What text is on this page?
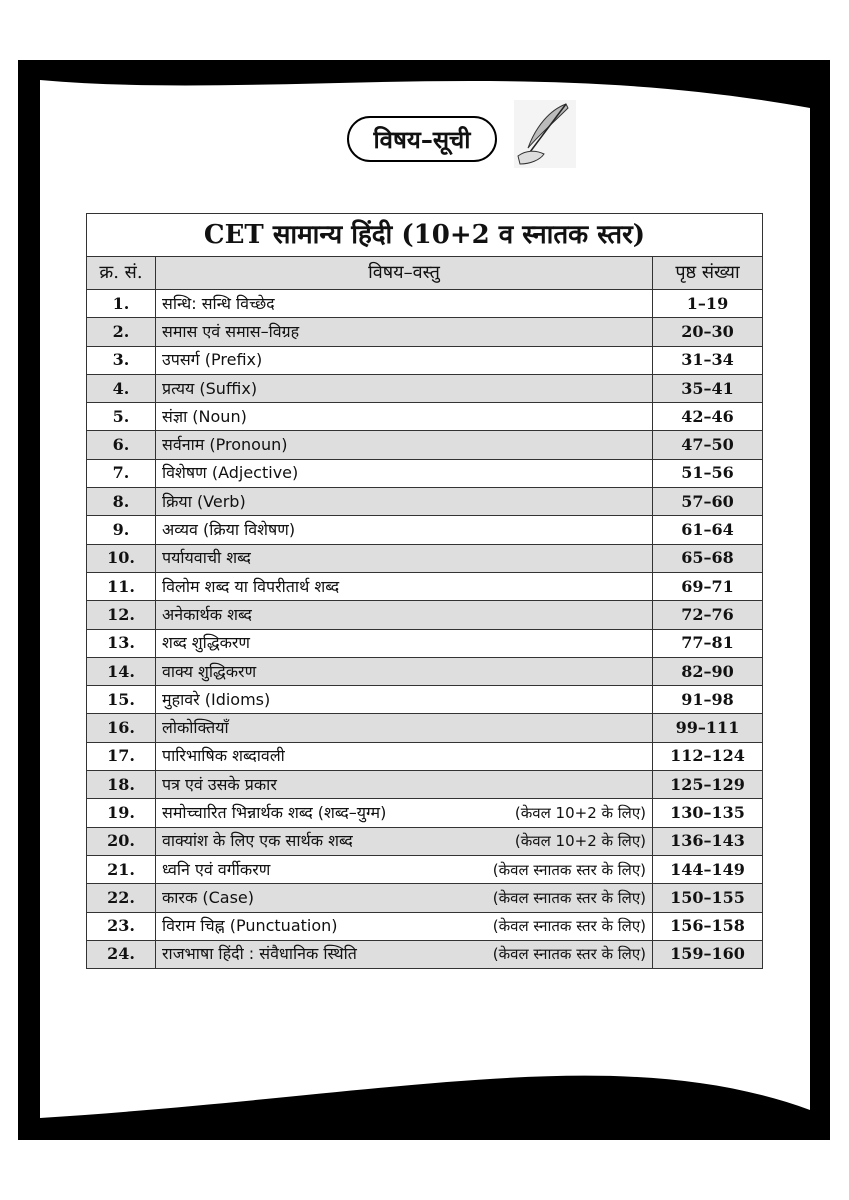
विषय–सूची
CET सामान्य हिंदी (10+2 व स्नातक स्तर)		
क्र. सं.	विषय–वस्तु	पृष्ठ संख्या
1.	सन्धि: सन्धि विच्छेद	1–19
2.	समास एवं समास–विग्रह	20–30
3.	उपसर्ग (Prefix)	31–34
4.	प्रत्यय (Suffix)	35–41
5.	संज्ञा (Noun)	42–46
6.	सर्वनाम (Pronoun)	47–50
7.	विशेषण (Adjective)	51–56
8.	क्रिया (Verb)	57–60
9.	अव्यव (क्रिया विशेषण)	61–64
10.	पर्यायवाची शब्द	65–68
11.	विलोम शब्द या विपरीतार्थ शब्द	69–71
12.	अनेकार्थक शब्द	72–76
13.	शब्द शुद्धिकरण	77–81
14.	वाक्य शुद्धिकरण	82–90
15.	मुहावरे (Idioms)	91–98
16.	लोकोक्तियाँ	99–111
17.	पारिभाषिक शब्दावली	112–124
18.	पत्र एवं उसके प्रकार	125–129
19.	समोच्चारित भिन्नार्थक शब्द (शब्द–युग्म) (केवल 10+2 के लिए)	130–135
20.	वाक्यांश के लिए एक सार्थक शब्द (केवल 10+2 के लिए)	136–143
21.	ध्वनि एवं वर्गीकरण (केवल स्नातक स्तर के लिए)	144–149
22.	कारक (Case) (केवल स्नातक स्तर के लिए)	150–155
23.	विराम चिह्न (Punctuation) (केवल स्नातक स्तर के लिए)	156–158
24.	राजभाषा हिंदी : संवैधानिक स्थिति (केवल स्नातक स्तर के लिए)	159–160
